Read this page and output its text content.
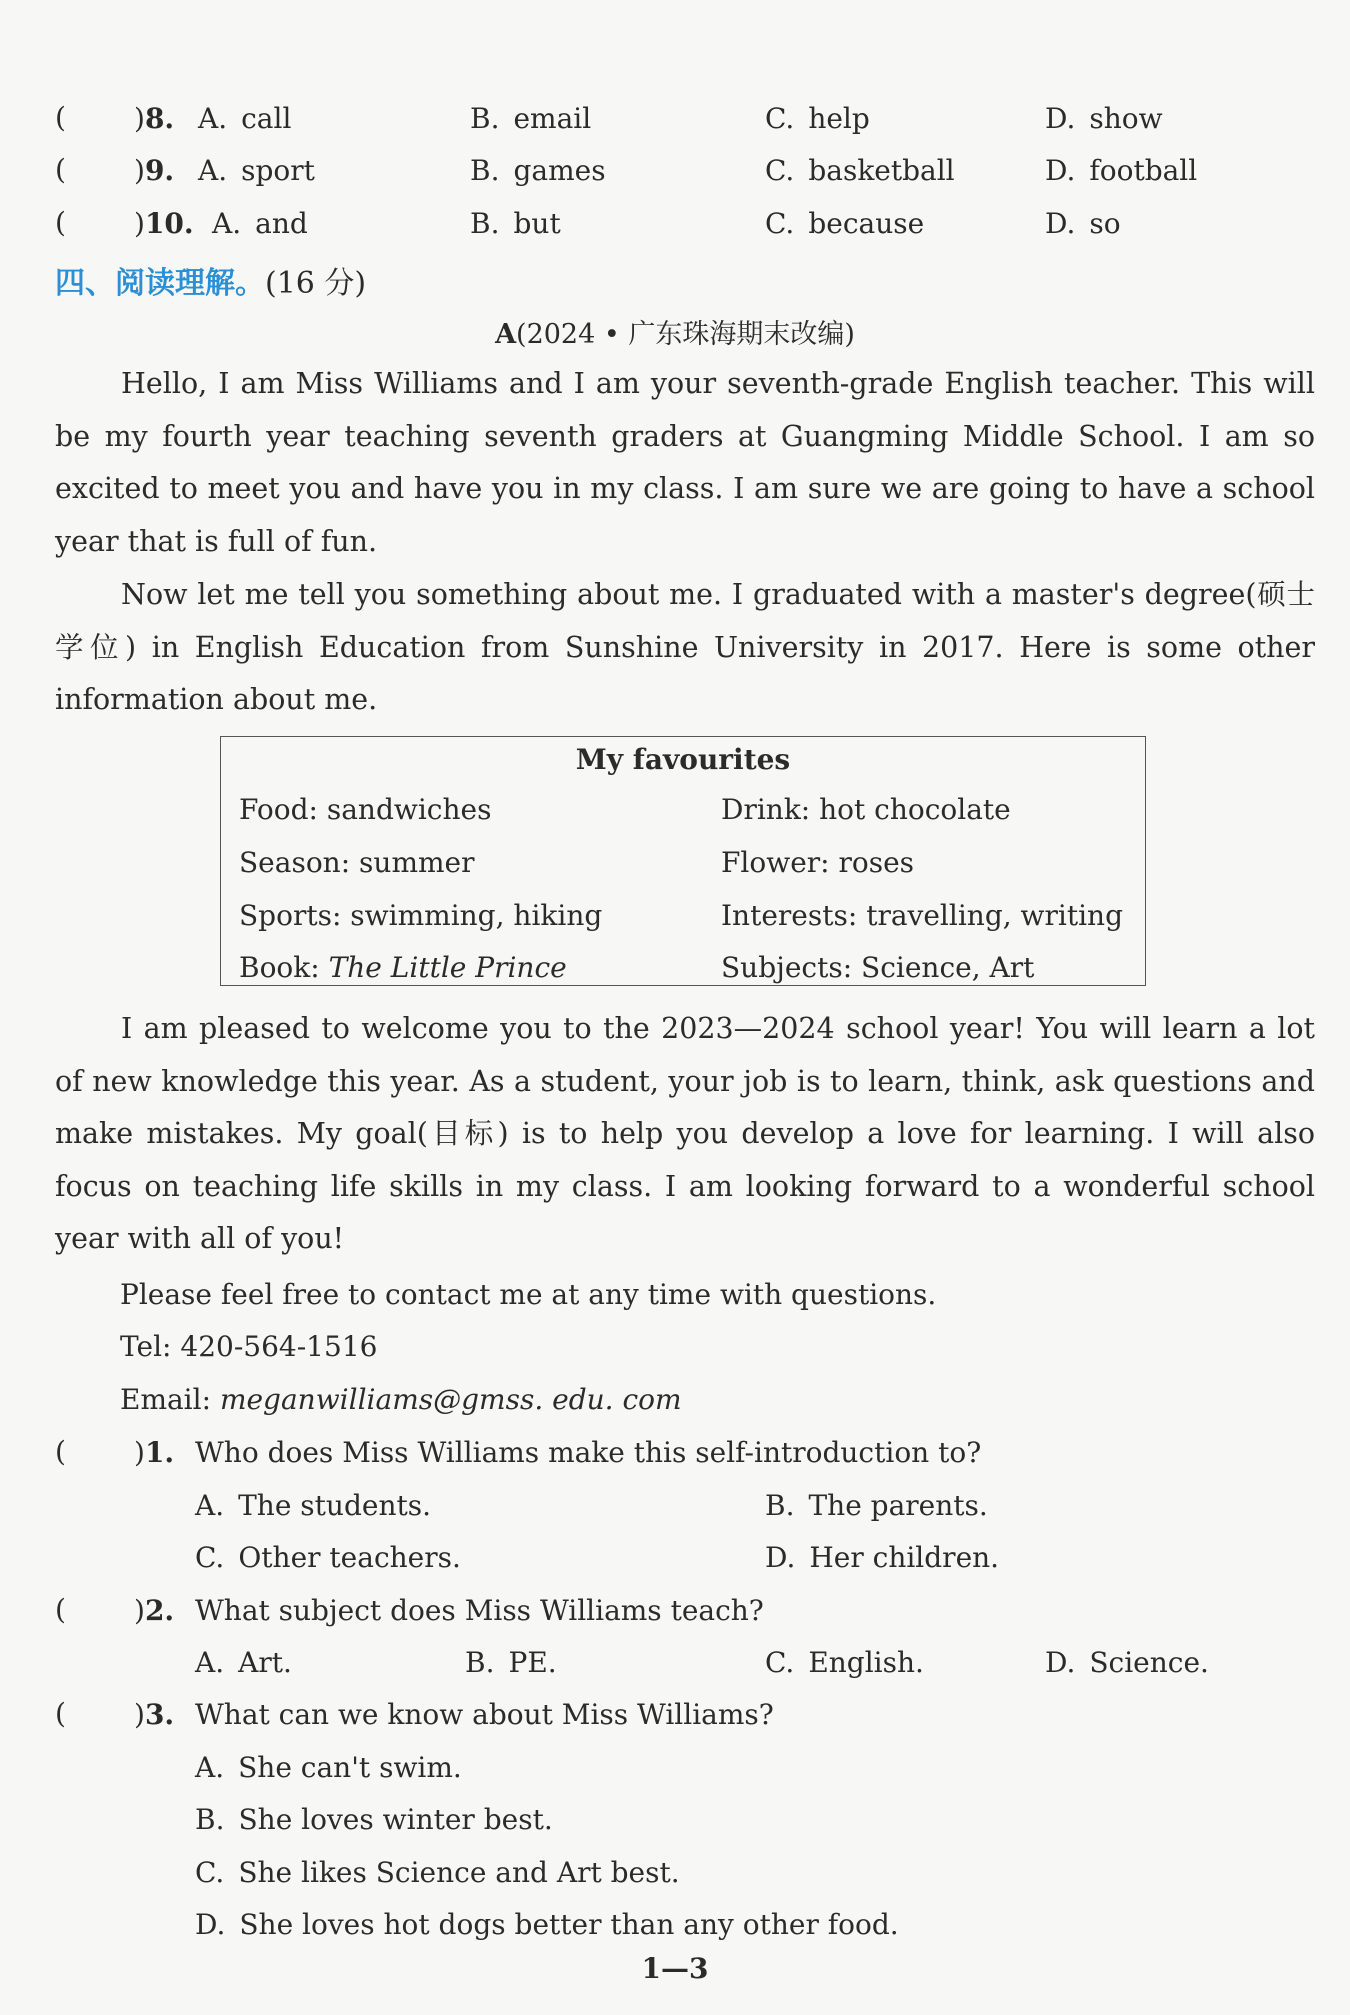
( )8. A. call	B. email	C. help	D. show
( )9. A. sport	B. games	C. basketball	D. football
( )10. A. and	B. but	C. because	D. so
四、阅读理解。(16 分)
A(2024 • 广东珠海期末改编)

Hello, I am Miss Williams and I am your seventh-grade English teacher. This will be my fourth year teaching seventh graders at Guangming Middle School. I am so excited to meet you and have you in my class. I am sure we are going to have a school year that is full of fun.

Now let me tell you something about me. I graduated with a master's degree(硕士学位) in English Education from Sunshine University in 2017. Here is some other information about me.

My favourites
Food: sandwiches	Drink: hot chocolate
Season: summer	Flower: roses
Sports: swimming, hiking	Interests: travelling, writing
Book: The Little Prince	Subjects: Science, Art

I am pleased to welcome you to the 2023—2024 school year! You will learn a lot of new knowledge this year. As a student, your job is to learn, think, ask questions and make mistakes. My goal(目标) is to help you develop a love for learning. I will also focus on teaching life skills in my class. I am looking forward to a wonderful school year with all of you!

Please feel free to contact me at any time with questions.
Tel: 420-564-1516
Email: meganwilliams@gmss. edu. com
( )1. Who does Miss Williams make this self-introduction to?
A. The students.	B. The parents.
C. Other teachers.	D. Her children.
( )2. What subject does Miss Williams teach?
A. Art.	B. PE.	C. English.	D. Science.
( )3. What can we know about Miss Williams?
A. She can't swim.
B. She loves winter best.
C. She likes Science and Art best.
D. She loves hot dogs better than any other food.
1—3
